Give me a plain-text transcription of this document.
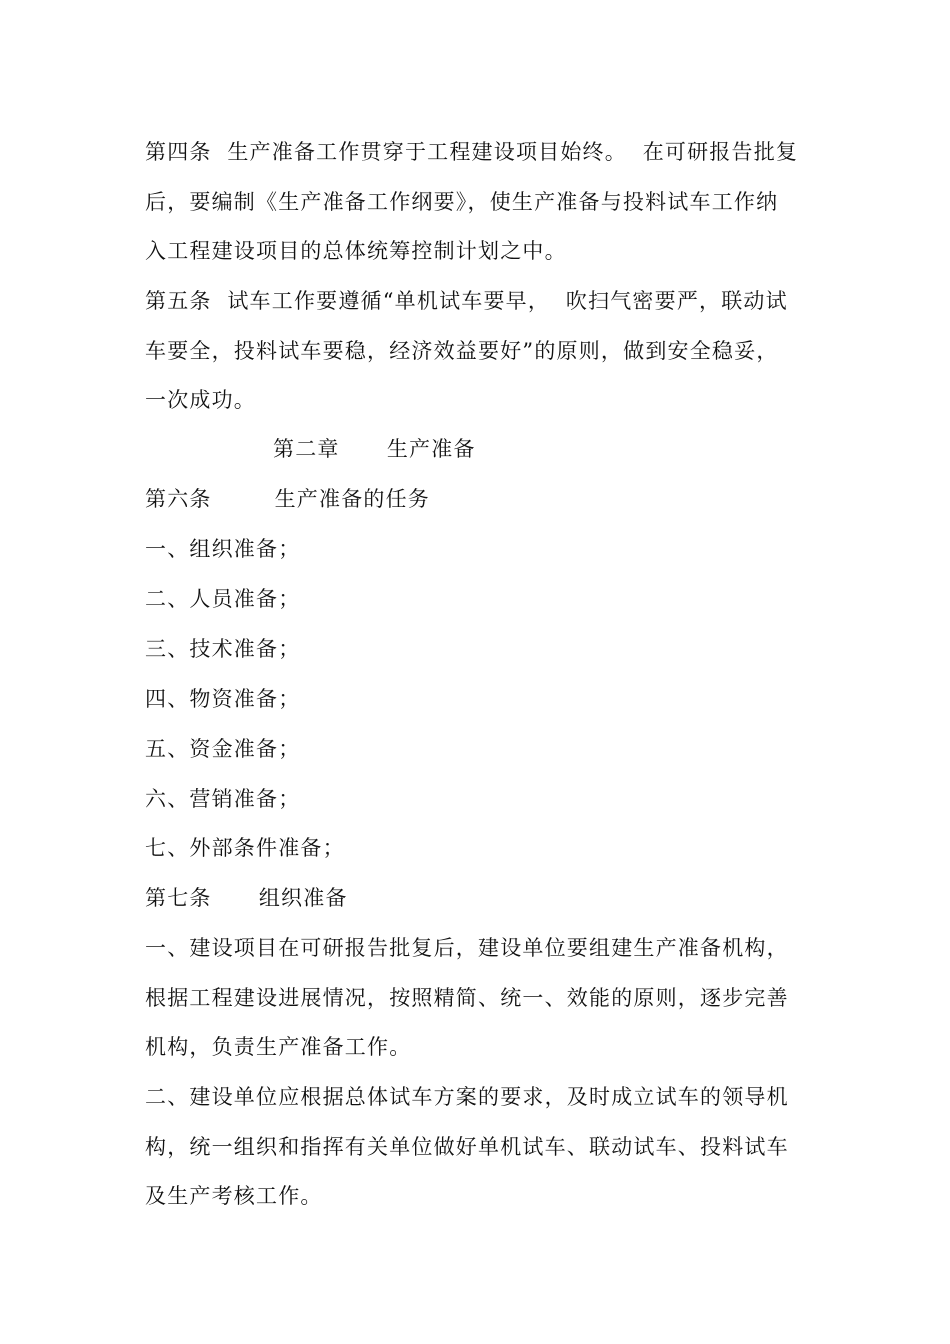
第四条  生产准备工作贯穿于工程建设项目始终。  在可研报告批复
后，要编制《生产准备工作纲要》，使生产准备与投料试车工作纳
入工程建设项目的总体统筹控制计划之中。
第五条  试车工作要遵循“单机试车要早，  吹扫气密要严，联动试
车要全，投料试车要稳，经济效益要好”的原则，做到安全稳妥，
一次成功。
第二章      生产准备
第六条        生产准备的任务
一、组织准备；
二、人员准备；
三、技术准备；
四、物资准备；
五、资金准备；
六、营销准备；
七、外部条件准备；
第七条      组织准备
一、建设项目在可研报告批复后，建设单位要组建生产准备机构，
根据工程建设进展情况，按照精简、统一、效能的原则，逐步完善
机构，负责生产准备工作。
二、建设单位应根据总体试车方案的要求，及时成立试车的领导机
构，统一组织和指挥有关单位做好单机试车、联动试车、投料试车
及生产考核工作。
